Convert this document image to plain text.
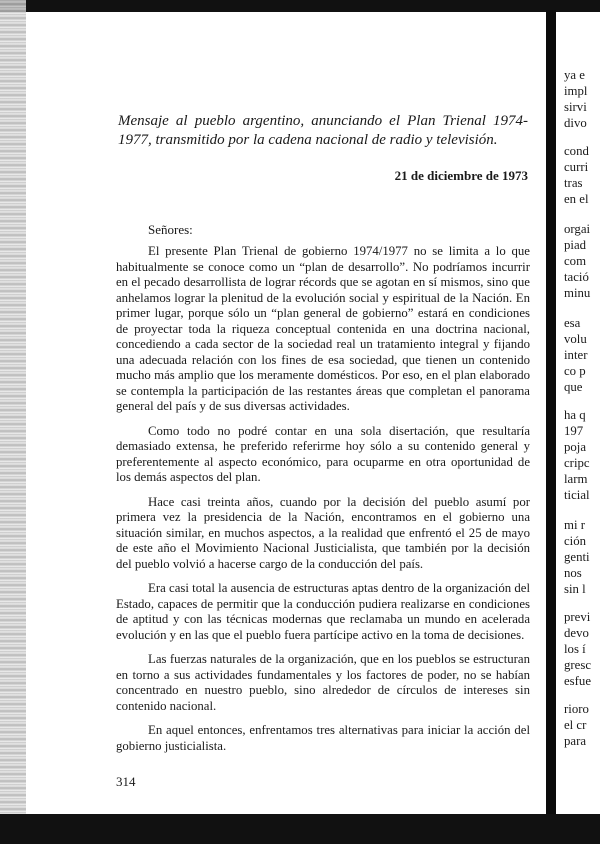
Mensaje al pueblo argentino, anunciando el Plan Trienal 1974-1977, transmitido por la cadena nacional de radio y televisión.

21 de diciembre de 1973

Señores:

El presente Plan Trienal de gobierno 1974/1977 no se limita a lo que habitualmente se conoce como un “plan de desarrollo”. No podríamos incurrir en el pecado desarrollista de lograr récords que se agotan en sí mismos, sino que anhelamos lograr la plenitud de la evolución social y espiritual de la Nación. En primer lugar, porque sólo un “plan general de gobierno” estará en condiciones de proyectar toda la riqueza conceptual contenida en una doctrina nacional, concediendo a cada sector de la sociedad real un tratamiento integral y fijando una adecuada relación con los fines de esa sociedad, que tienen un contenido mucho más amplio que los meramente domésticos. Por eso, en el plan elaborado se contempla la participación de las restantes áreas que completan el panorama general del país y de sus diversas actividades.

Como todo no podré contar en una sola disertación, que resultaría demasiado extensa, he preferido referirme hoy sólo a su contenido general y preferentemente al aspecto económico, para ocuparme en otra oportunidad de los demás aspectos del plan.

Hace casi treinta años, cuando por la decisión del pueblo asumí por primera vez la presidencia de la Nación, encontramos en el gobierno una situación similar, en muchos aspectos, a la realidad que enfrentó el 25 de mayo de este año el Movimiento Nacional Justicialista, que también por la decisión del pueblo volvió a hacerse cargo de la conducción del país.

Era casi total la ausencia de estructuras aptas dentro de la organización del Estado, capaces de permitir que la conducción pudiera realizarse en condiciones de aptitud y con las técnicas modernas que reclamaba un mundo en acelerada evolución y en las que el pueblo fuera partícipe activo en la toma de decisiones.

Las fuerzas naturales de la organización, que en los pueblos se estructuran en torno a sus actividades fundamentales y los factores de poder, no se habían concentrado en nuestro pueblo, sino alrededor de círculos de intereses sin contenido nacional.

En aquel entonces, enfrentamos tres alternativas para iniciar la acción del gobierno justicialista.

314

ya e
impl
sirvi
divo
cond
curri
tras
en el
orgai
piad
com
tació
minu
esa
volu
inter
co p
que
ha q
197
poja
cripc
larm
ticial
mi r
ción
genti
nos
sin l
previ
devo
los í
gresc
esfue
rioro
el cr
para
